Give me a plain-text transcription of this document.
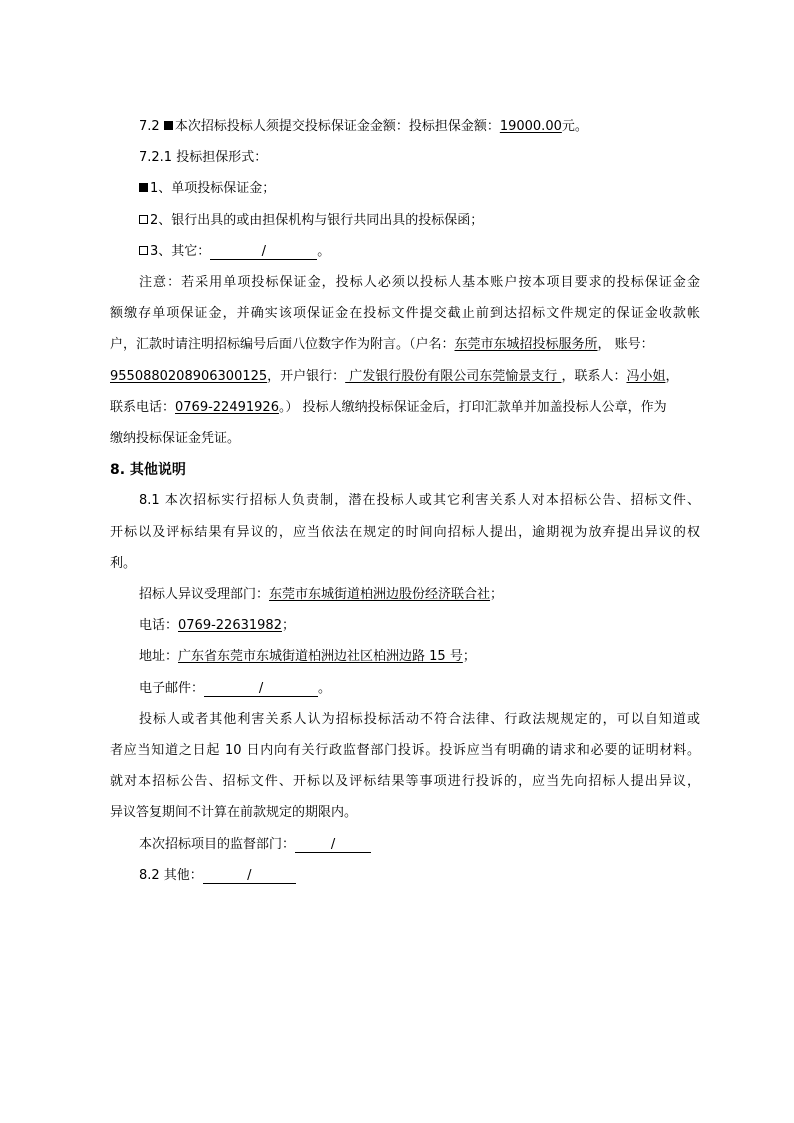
7.2 本次招标投标人须提交投标保证金金额：投标担保金额：19000.00元。
7.2.1 投标担保形式：
1、单项投标保证金；
2、银行出具的或由担保机构与银行共同出具的投标保函；
3、其它：	/	。
注意：若采用单项投标保证金，投标人必须以投标人基本账户按本项目要求的投标保证金金
额缴存单项保证金，并确实该项保证金在投标文件提交截止前到达招标文件规定的保证金收款帐
户，汇款时请注明招标编号后面八位数字作为附言。（户名：东莞市东城招投标服务所， 账号：
9550880208906300125，开户银行： 广发银行股份有限公司东莞愉景支行 ，联系人：冯小姐，
联系电话：0769-22491926。） 投标人缴纳投标保证金后，打印汇款单并加盖投标人公章，作为
缴纳投标保证金凭证。
8. 其他说明
8.1 本次招标实行招标人负责制，潜在投标人或其它利害关系人对本招标公告、招标文件、
开标以及评标结果有异议的，应当依法在规定的时间向招标人提出，逾期视为放弃提出异议的权
利。
招标人异议受理部门：东莞市东城街道柏洲边股份经济联合社；
电话：0769-22631982；
地址：广东省东莞市东城街道柏洲边社区柏洲边路 15 号；
电子邮件：	/	。
投标人或者其他利害关系人认为招标投标活动不符合法律、行政法规规定的，可以自知道或
者应当知道之日起 10 日内向有关行政监督部门投诉。投诉应当有明确的请求和必要的证明材料。
就对本招标公告、招标文件、开标以及评标结果等事项进行投诉的，应当先向招标人提出异议，
异议答复期间不计算在前款规定的期限内。
本次招标项目的监督部门：	/
8.2 其他：	/
